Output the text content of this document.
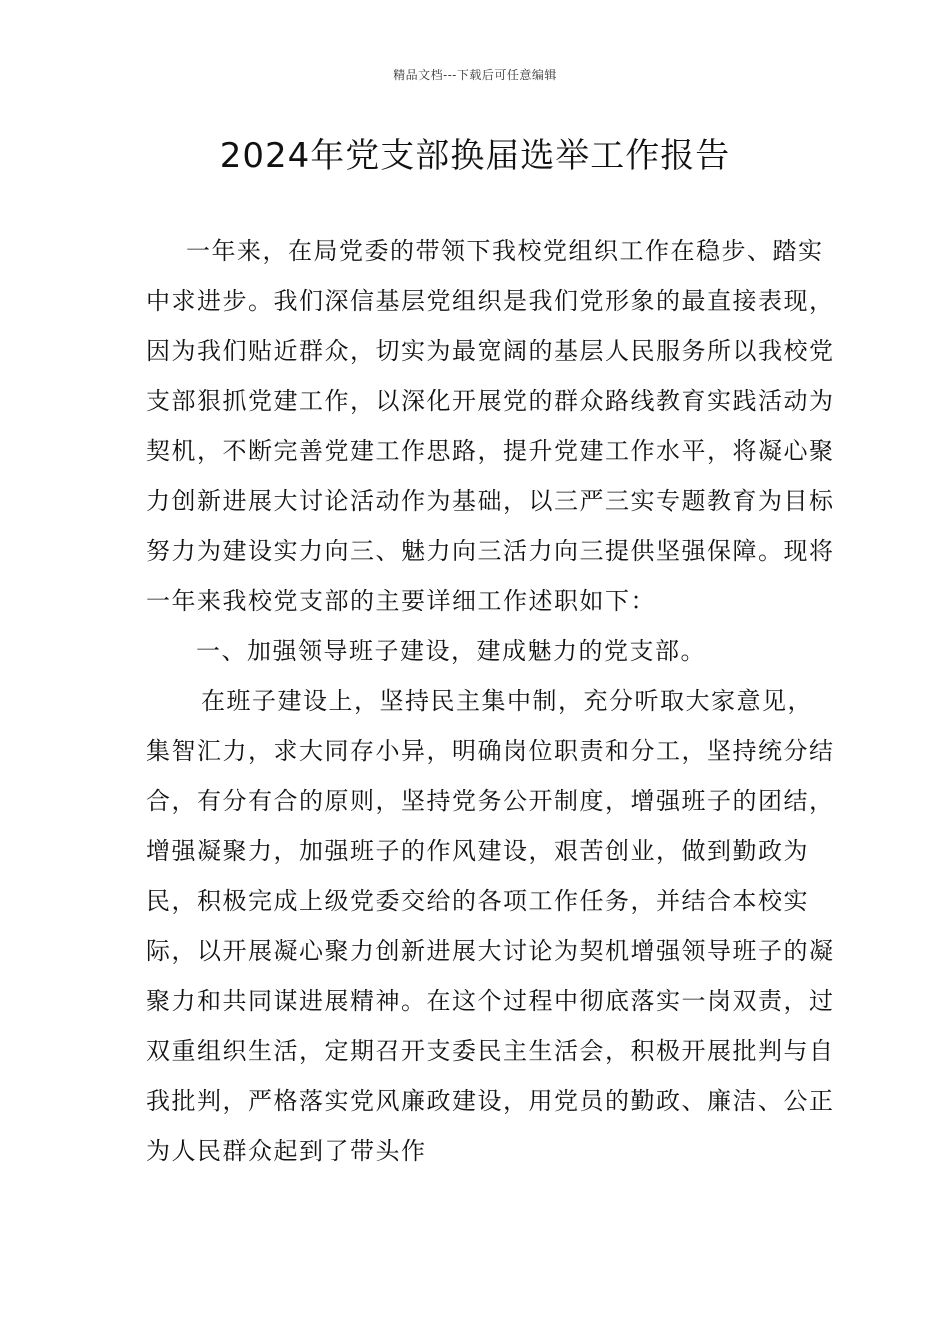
精品文档---下载后可任意编辑
2024年党支部换届选举工作报告

一年来，在局党委的带领下我校党组织工作在稳步、踏实中求进步。我们深信基层党组织是我们党形象的最直接表现，因为我们贴近群众，切实为最宽阔的基层人民服务所以我校党支部狠抓党建工作，以深化开展党的群众路线教育实践活动为契机，不断完善党建工作思路，提升党建工作水平，将凝心聚力创新进展大讨论活动作为基础，以三严三实专题教育为目标努力为建设实力向三、魅力向三活力向三提供坚强保障。现将一年来我校党支部的主要详细工作述职如下：

一、加强领导班子建设，建成魅力的党支部。

在班子建设上，坚持民主集中制，充分听取大家意见，集智汇力，求大同存小异，明确岗位职责和分工，坚持统分结合，有分有合的原则，坚持党务公开制度，增强班子的团结，增强凝聚力，加强班子的作风建设，艰苦创业，做到勤政为民，积极完成上级党委交给的各项工作任务，并结合本校实际，以开展凝心聚力创新进展大讨论为契机增强领导班子的凝聚力和共同谋进展精神。在这个过程中彻底落实一岗双责，过双重组织生活，定期召开支委民主生活会，积极开展批判与自我批判，严格落实党风廉政建设，用党员的勤政、廉洁、公正为人民群众起到了带头作
